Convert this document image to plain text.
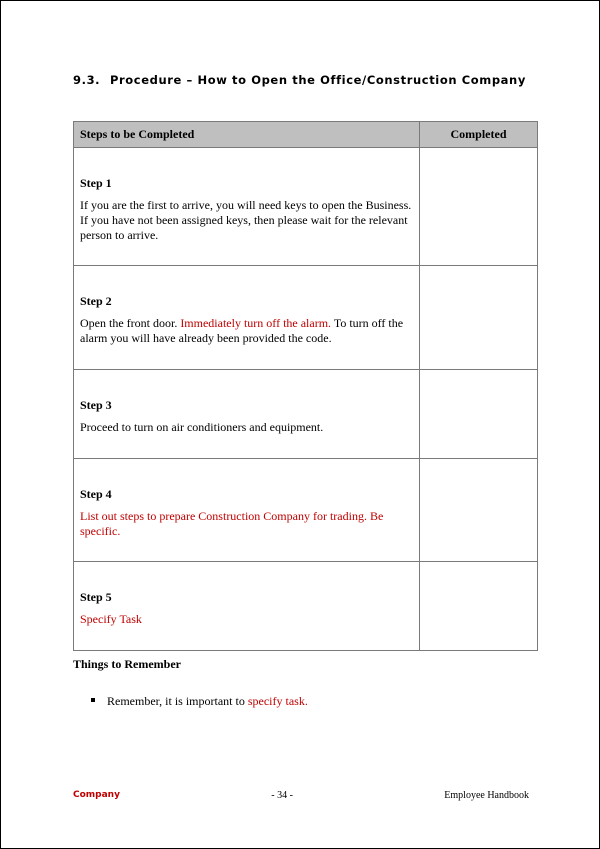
9.3. Procedure – How to Open the Office/Construction Company
Steps to be Completed	Completed

Step 1
If you are the first to arrive, you will need keys to open the Business. If you have not been assigned keys, then please wait for the relevant person to arrive.	

Step 2
Open the front door. Immediately turn off the alarm. To turn off the alarm you will have already been provided the code.	

Step 3
Proceed to turn on air conditioners and equipment.	

Step 4
List out steps to prepare Construction Company for trading. Be specific.	

Step 5
Specify Task	

Things to Remember
Remember, it is important to specify task.
Company	- 34 -	Employee Handbook
